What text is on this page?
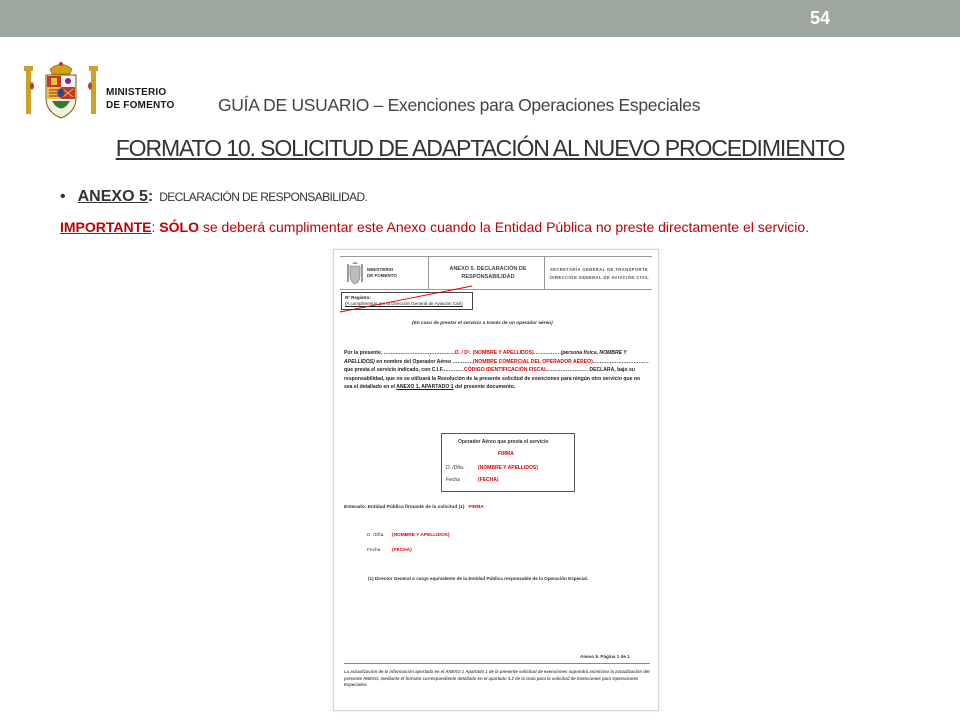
54
MINISTERIO
DE FOMENTO GUÍA DE USUARIO – Exenciones para Operaciones Especiales
FORMATO 10. SOLICITUD DE ADAPTACIÓN AL NUEVO PROCEDIMIENTO
• ANEXO 5: DECLARACIÓN DE RESPONSABILIDAD.
IMPORTANTE: SÓLO se deberá cumplimentar este Anexo cuando la Entidad Pública no preste directamente el servicio.
MINISTERIO
DE FOMENTO
ANEXO 5. DECLARACIÓN DE
RESPONSABILIDAD
SECRETARÍA GENERAL DE TRANSPORTE
DIRECCIÓN GENERAL DE AVIACIÓN CIVIL
Nº Registro:
(A cumplimentar por la Dirección General de Aviación Civil)
(En caso de prestar el servicio a través de un operador aéreo)
Por la presente, ……………………………………D. / Dª. (NOMBRE Y APELLIDOS)…………… (persona física, NOMBRE Y APELLIDOS) en nombre del Operador Aéreo …………(NOMBRE COMERCIAL DEL OPERADOR AÉREO)…………………………… que presta el servicio indicado, con C.I.F.…………CÓDIGO IDENTIFICACIÓN FISCAL…………………… DECLARA, bajo su responsabilidad, que no se utilizará la Resolución de la presente solicitud de exenciones para ningún otro servicio que no sea el detallado en el ANEXO 1, APARTADO 1 del presente documento.
Operador Aéreo que presta el servicio
FIRMA
D. /Dña.	(NOMBRE Y APELLIDOS)
Fecha	(FECHA)
Enterado: Entidad Pública firmante de la solicitud (1) FIRMA
D. /Dña. (NOMBRE Y APELLIDOS)
Fecha (FECHA)
(1) Director General o cargo equivalente de la Entidad Pública responsable de la Operación Especial.
Anexo 5. Página 1 de 1
La actualización de la información aportada en el ANEXO 1 Apartado 1 de la presente solicitud de exenciones supondrá asimismo la actualización del presente ANEXO, mediante el formato correspondiente detallado en el apartado 3.2 de la Guía para la solicitud de Exenciones para Operaciones Especiales.
